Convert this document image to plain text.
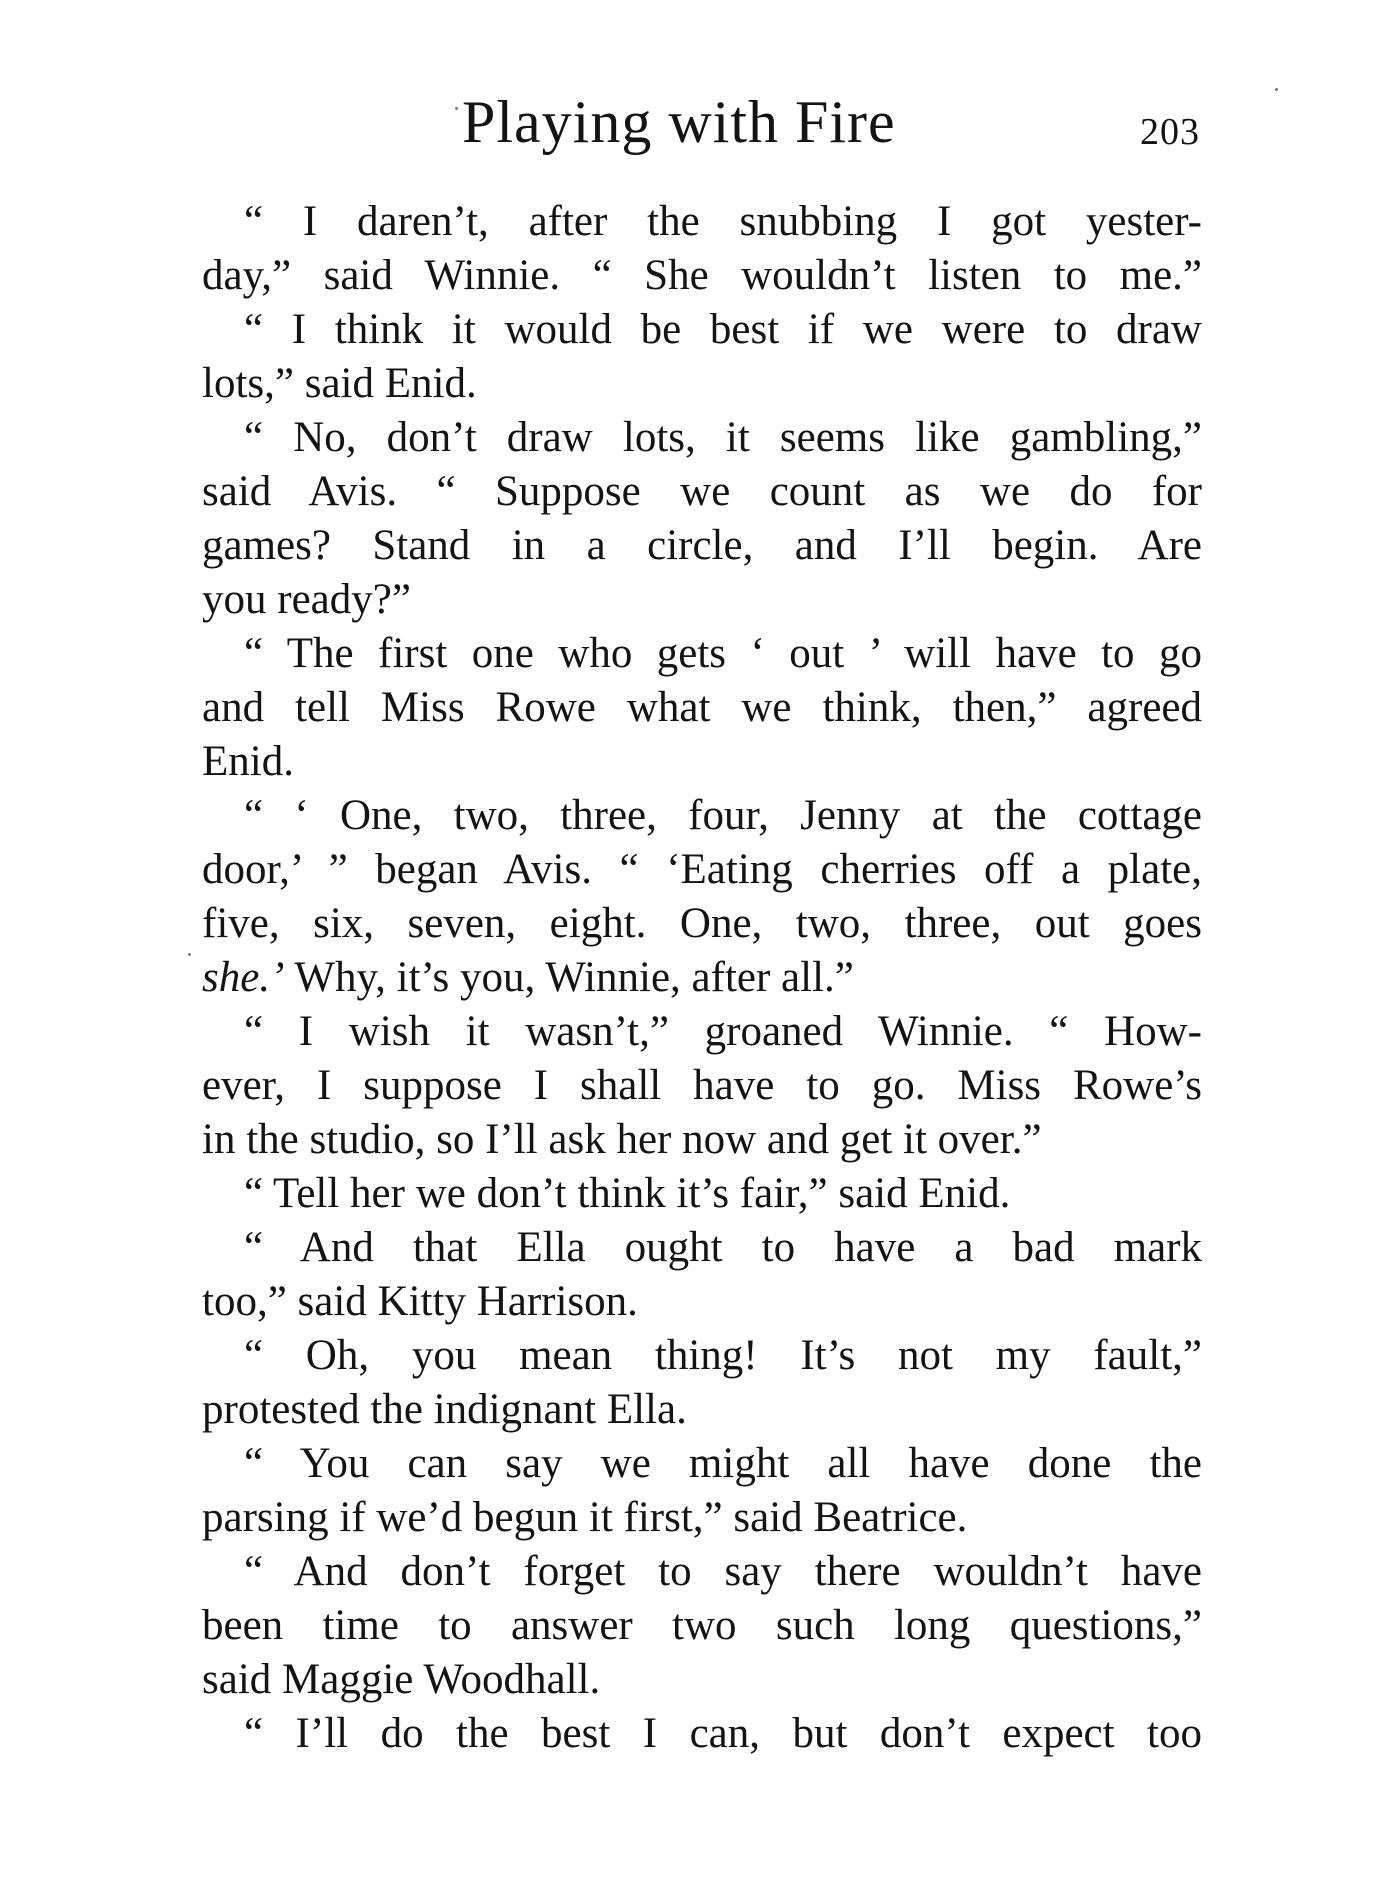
Playing with Fire	203
“ I daren’t, after the snubbing I got yester-
day,” said Winnie. “ She wouldn’t listen to me.”
“ I think it would be best if we were to draw
lots,” said Enid.
“ No, don’t draw lots, it seems like gambling,”
said Avis. “ Suppose we count as we do for
games? Stand in a circle, and I’ll begin. Are
you ready?”
“ The first one who gets ‘ out ’ will have to go
and tell Miss Rowe what we think, then,” agreed
Enid.
“ ‘ One, two, three, four, Jenny at the cottage
door,’ ” began Avis. “ ‘Eating cherries off a plate,
five, six, seven, eight. One, two, three, out goes
she.’ Why, it’s you, Winnie, after all.”
“ I wish it wasn’t,” groaned Winnie. “ How-
ever, I suppose I shall have to go. Miss Rowe’s
in the studio, so I’ll ask her now and get it over.”
“ Tell her we don’t think it’s fair,” said Enid.
“ And that Ella ought to have a bad mark
too,” said Kitty Harrison.
“ Oh, you mean thing! It’s not my fault,”
protested the indignant Ella.
“ You can say we might all have done the
parsing if we’d begun it first,” said Beatrice.
“ And don’t forget to say there wouldn’t have
been time to answer two such long questions,”
said Maggie Woodhall.
“ I’ll do the best I can, but don’t expect too
